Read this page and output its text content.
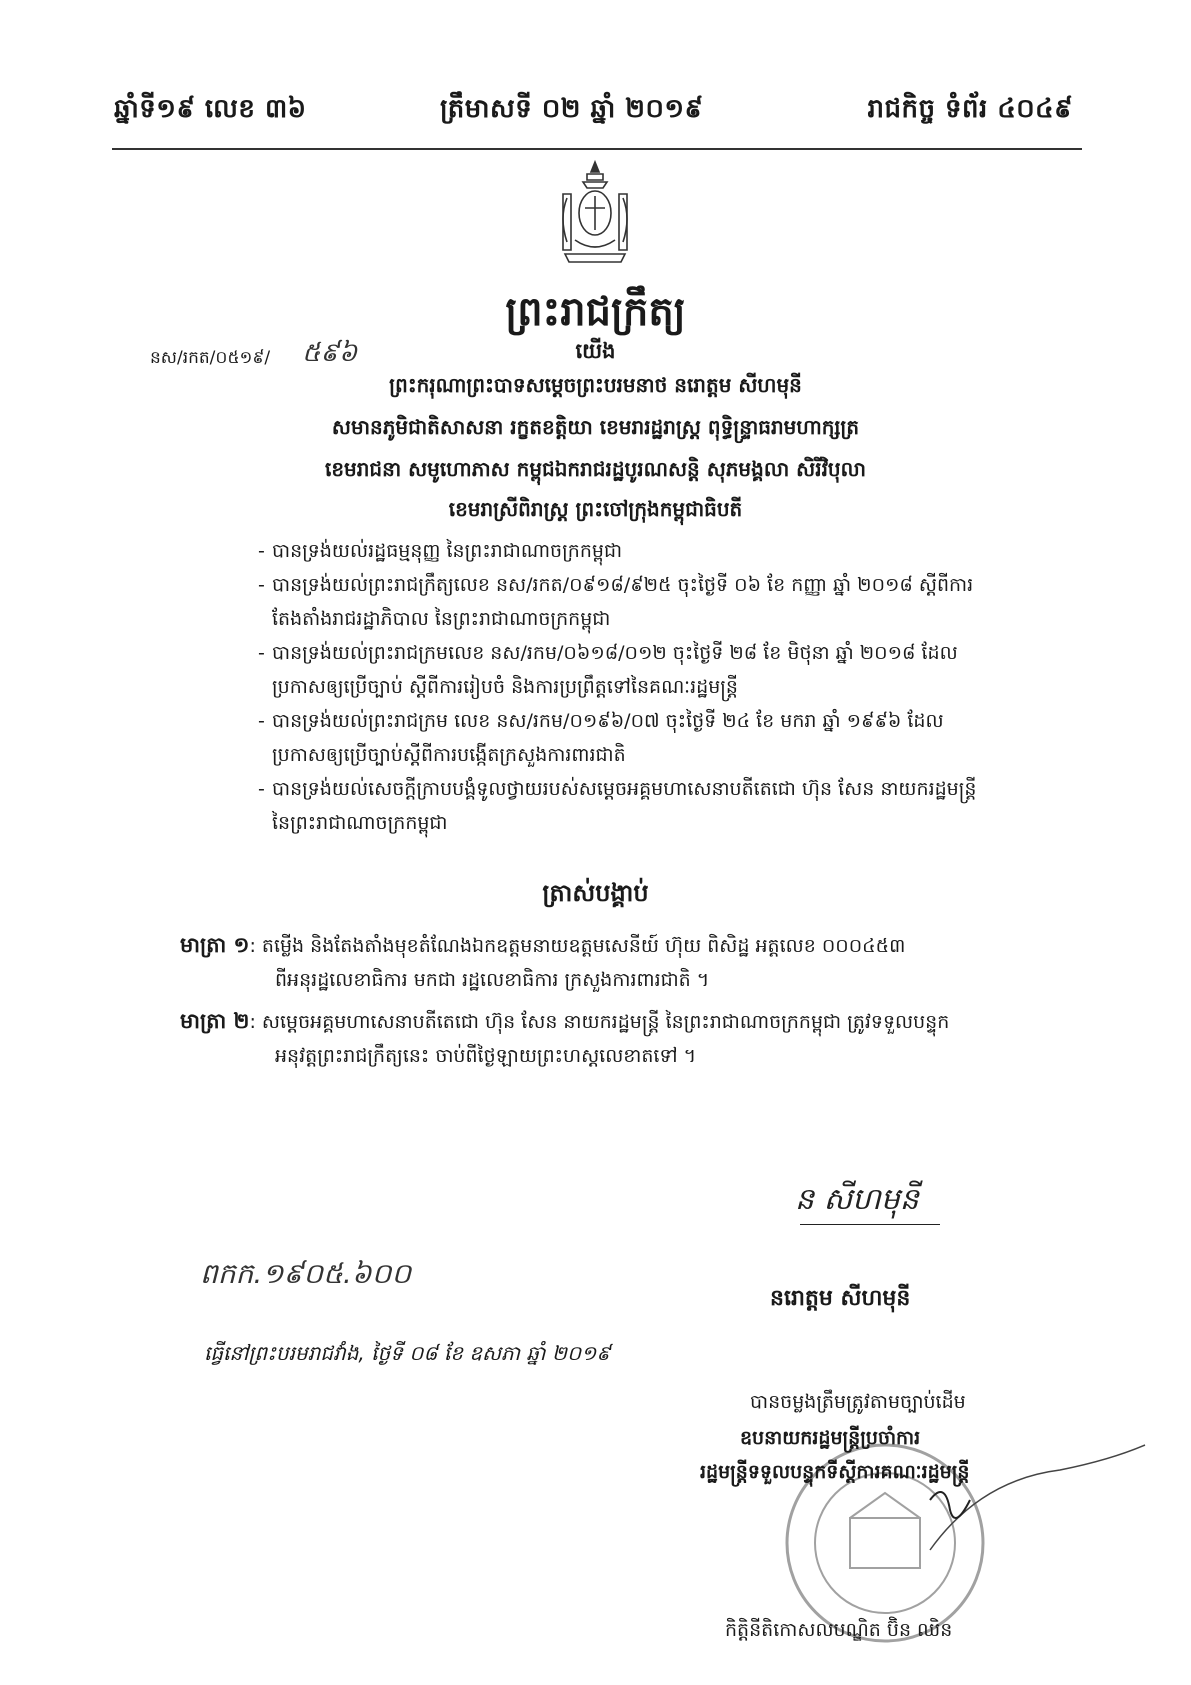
ឆ្នាំទី១៩ លេខ ៣៦	ត្រឹមាសទី ០២ ឆ្នាំ ២០១៩	រាជកិច្ច ទំព័រ ៤០៤៩
ព្រះរាជក្រឹត្យ
នស/រកត/០៥១៩/ ៥៩៦	យើង
ព្រះករុណាព្រះបាទសម្តេចព្រះបរមនាថ នរោត្តម សីហមុនី
សមានភូមិជាតិសាសនា រក្ខតខត្តិយា ខេមរារដ្ឋរាស្ត្រ ពុទ្ធិន្ទ្រាធរាមហាក្សត្រ
ខេមរាជនា សមូហោភាស កម្ពុជឯករាជរដ្ឋបូរណសន្តិ សុភមង្គលា សិរីវិបុលា
ខេមរាស្រីពិរាស្ត្រ ព្រះចៅក្រុងកម្ពុជាធិបតី
- បានទ្រង់យល់រដ្ឋធម្មនុញ្ញ នៃព្រះរាជាណាចក្រកម្ពុជា
- បានទ្រង់យល់ព្រះរាជក្រឹត្យលេខ នស/រកត/០៩១៨/៩២៥ ចុះថ្ងៃទី ០៦ ខែ កញ្ញា ឆ្នាំ ២០១៨ ស្តីពីការ
តែងតាំងរាជរដ្ឋាភិបាល នៃព្រះរាជាណាចក្រកម្ពុជា
- បានទ្រង់យល់ព្រះរាជក្រមលេខ នស/រកម/០៦១៨/០១២ ចុះថ្ងៃទី ២៨ ខែ មិថុនា ឆ្នាំ ២០១៨ ដែល
ប្រកាសឲ្យប្រើច្បាប់ ស្តីពីការរៀបចំ និងការប្រព្រឹត្តទៅនៃគណៈរដ្ឋមន្ត្រី
- បានទ្រង់យល់ព្រះរាជក្រម លេខ នស/រកម/០១៩៦/០៧ ចុះថ្ងៃទី ២៤ ខែ មករា ឆ្នាំ ១៩៩៦ ដែល
ប្រកាសឲ្យប្រើច្បាប់ស្តីពីការបង្កើតក្រសួងការពារជាតិ
- បានទ្រង់យល់សេចក្តីក្រាបបង្គំទូលថ្វាយរបស់សម្តេចអគ្គមហាសេនាបតីតេជោ ហ៊ុន សែន នាយករដ្ឋមន្ត្រី
នៃព្រះរាជាណាចក្រកម្ពុជា
ត្រាស់បង្គាប់
មាត្រា ១: តម្លើង និងតែងតាំងមុខតំណែងឯកឧត្តមនាយឧត្តមសេនីយ៍ ហ៊ុយ ពិសិដ្ឋ អត្តលេខ ០០០៤៥៣
ពីអនុរដ្ឋលេខាធិការ មកជា រដ្ឋលេខាធិការ ក្រសួងការពារជាតិ ។
មាត្រា ២: សម្តេចអគ្គមហាសេនាបតីតេជោ ហ៊ុន សែន នាយករដ្ឋមន្ត្រី នៃព្រះរាជាណាចក្រកម្ពុជា ត្រូវទទួលបន្ទុក
អនុវត្តព្រះរាជក្រឹត្យនេះ ចាប់ពីថ្ងៃឡាយព្រះហស្តលេខាតទៅ ។
ន សីហមុនី
ពកក.១៩០៥.៦០០
នរោត្តម សីហមុនី
ធ្វើនៅព្រះបរមរាជវាំង, ថ្ងៃទី ០៨ ខែ ឧសភា ឆ្នាំ ២០១៩
បានចម្លងត្រឹមត្រូវតាមច្បាប់ដើម
ឧបនាយករដ្ឋមន្ត្រីប្រចាំការ
រដ្ឋមន្ត្រីទទួលបន្ទុកទីស្តីការគណៈរដ្ឋមន្ត្រី
កិត្តិនីតិកោសលបណ្ឌិត ប៊ិន ឈិន
